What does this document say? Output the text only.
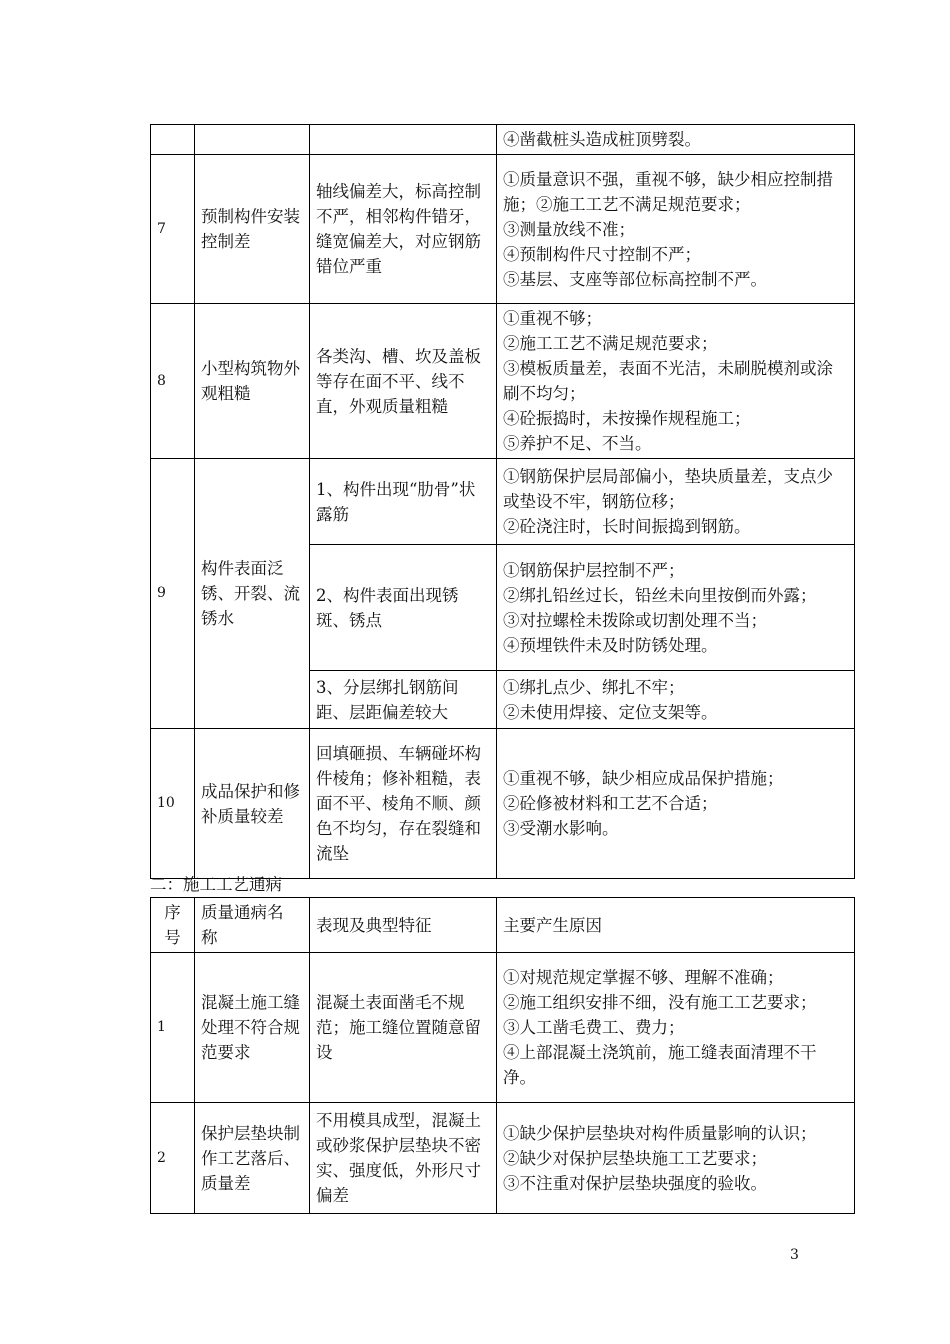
			④凿截桩头造成桩顶劈裂。
7	预制构件安装控制差	轴线偏差大，标高控制不严，相邻构件错牙，缝宽偏差大，对应钢筋错位严重	①质量意识不强，重视不够，缺少相应控制措施；②施工工艺不满足规范要求；
③测量放线不准；
④预制构件尺寸控制不严；
⑤基层、支座等部位标高控制不严。

8	小型构筑物外观粗糙	各类沟、槽、坎及盖板等存在面不平、线不直，外观质量粗糙	①重视不够；
②施工工艺不满足规范要求；
③模板质量差，表面不光洁，未刷脱模剂或涂刷不均匀；
④砼振捣时，未按操作规程施工；
⑤养护不足、不当。

9	构件表面泛锈、开裂、流锈水	1、构件出现“肋骨”状露筋	①钢筋保护层局部偏小，垫块质量差，支点少或垫设不牢，钢筋位移；
②砼浇注时，长时间振捣到钢筋。

		2、构件表面出现锈斑、锈点	①钢筋保护层控制不严；
②绑扎铅丝过长，铅丝未向里按倒而外露；
③对拉螺栓未拨除或切割处理不当；
④预埋铁件未及时防锈处理。

		3、分层绑扎钢筋间距、层距偏差较大	①绑扎点少、绑扎不牢；
②未使用焊接、定位支架等。

10	成品保护和修补质量较差	回填砸损、车辆碰坏构件棱角；修补粗糙，表面不平、棱角不顺、颜色不均匀，存在裂缝和流坠	①重视不够，缺少相应成品保护措施；
②砼修被材料和工艺不合适；
③受潮水影响。
二：施工工艺通病
序号	质量通病名　称	表现及典型特征	主要产生原因
1	混凝土施工缝处理不符合规范要求	混凝土表面凿毛不规范；施工缝位置随意留设	①对规范规定掌握不够、理解不准确；
②施工组织安排不细，没有施工工艺要求；
③人工凿毛费工、费力；
④上部混凝土浇筑前，施工缝表面清理不干净。

2	保护层垫块制作工艺落后、质量差	不用模具成型，混凝土或砂浆保护层垫块不密实、强度低，外形尺寸偏差	①缺少保护层垫块对构件质量影响的认识；
②缺少对保护层垫块施工工艺要求；
③不注重对保护层垫块强度的验收。
3
